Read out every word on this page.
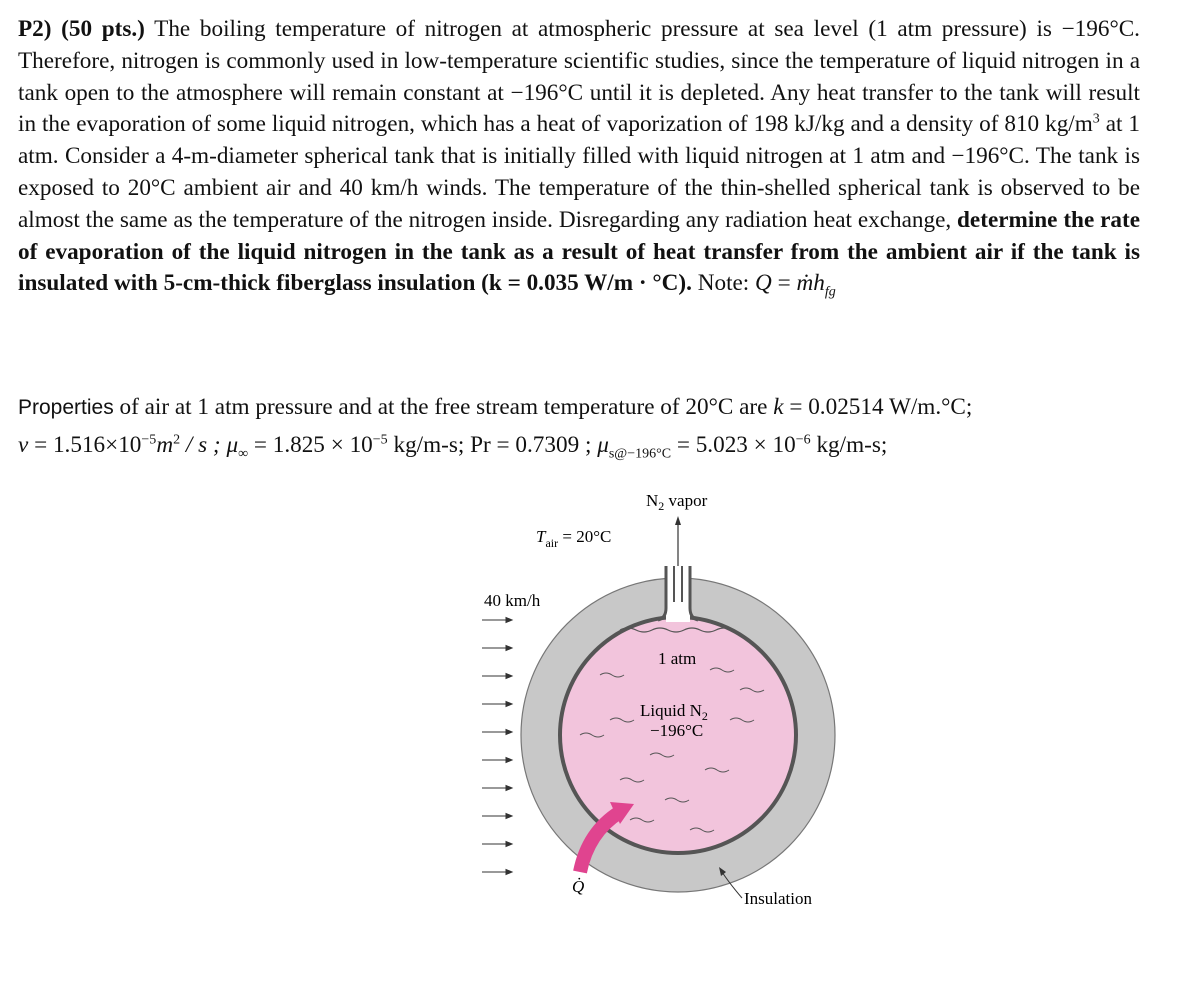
P2) (50 pts.) The boiling temperature of nitrogen at atmospheric pressure at sea level (1 atm pressure) is −196°C. Therefore, nitrogen is commonly used in low-temperature scientific studies, since the temperature of liquid nitrogen in a tank open to the atmosphere will remain constant at −196°C until it is depleted. Any heat transfer to the tank will result in the evaporation of some liquid nitrogen, which has a heat of vaporization of 198 kJ/kg and a density of 810 $kg/m^3$ at 1 atm. Consider a 4-m-diameter spherical tank that is initially filled with liquid nitrogen at 1 atm and −196°C. The tank is exposed to 20°C ambient air and 40 km/h winds. The temperature of the thin-shelled spherical tank is observed to be almost the same as the temperature of the nitrogen inside. Disregarding any radiation heat exchange, determine the rate of evaporation of the liquid nitrogen in the tank as a result of heat transfer from the ambient air if the tank is insulated with 5-cm-thick fiberglass insulation (k = 0.035 W/m · °C). Note: Q = ṁh$_{fg}$

Properties of air at 1 atm pressure and at the free stream temperature of 20°C are k = 0.02514 W/m.°C;

$\nu = 1.516\times 10^{-5}m^2 / s$ ; $\mu_\infty = 1.825 \times 10^{-5}$ kg/m-s; Pr = 0.7309 ; $\mu_{s@-196^\circ C} = 5.023 \times 10^{-6}$ kg/m-s;

$N_2$ vapor
$T_{air} = 20^\circ C$
40 km/h
1 atm
Liquid $N_2$
−196°C
Q̇
Insulation
